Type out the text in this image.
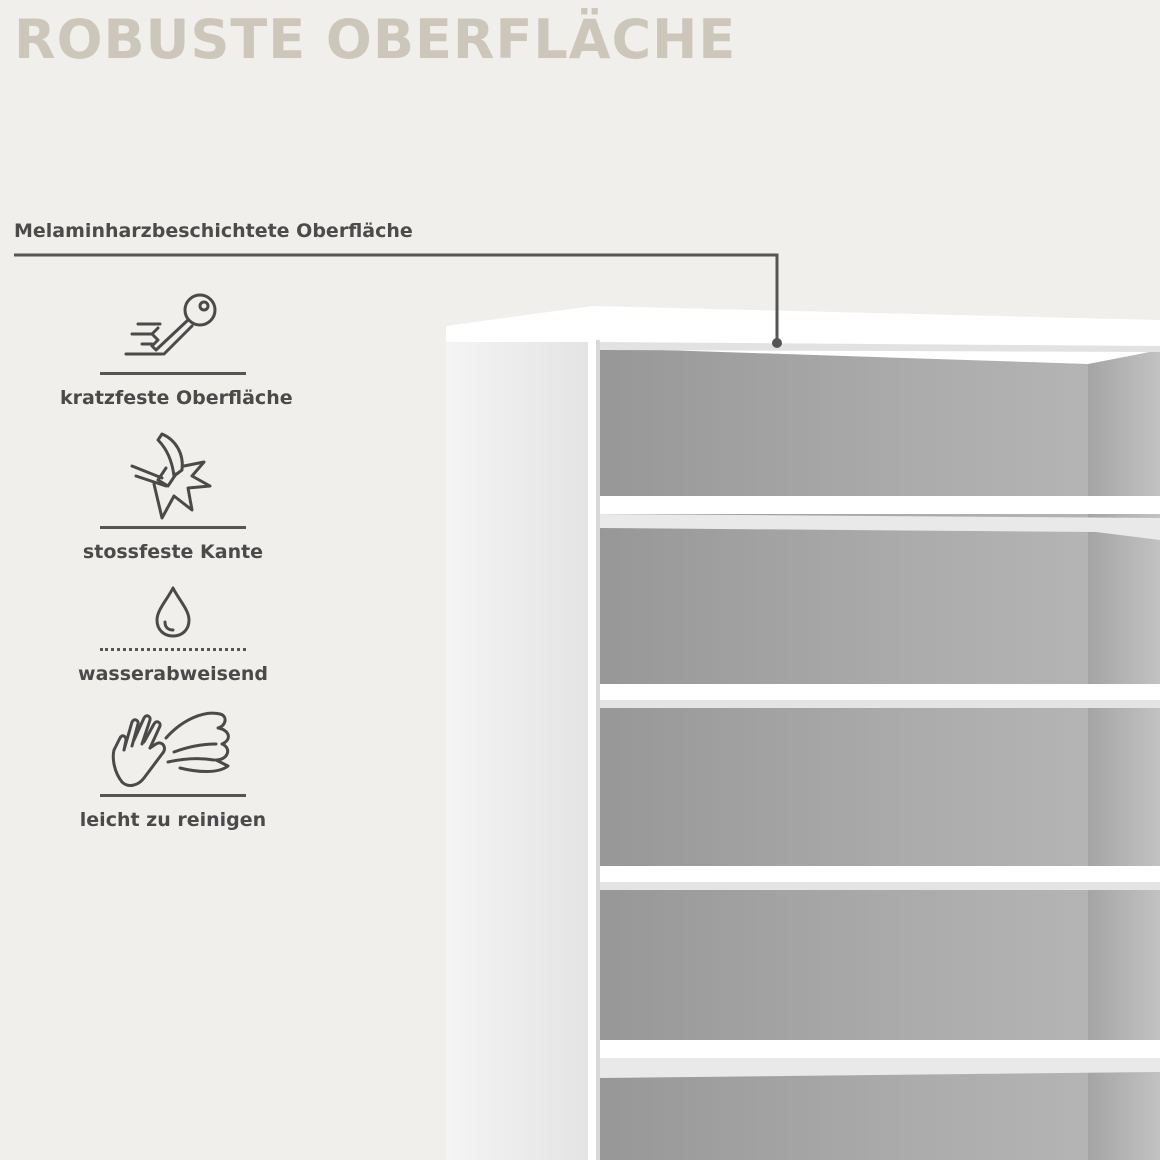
ROBUSTE OBERFLÄCHE
Melaminharzbeschichtete Oberfläche
kratzfeste Oberfläche
stossfeste Kante
wasserabweisend
leicht zu reinigen
